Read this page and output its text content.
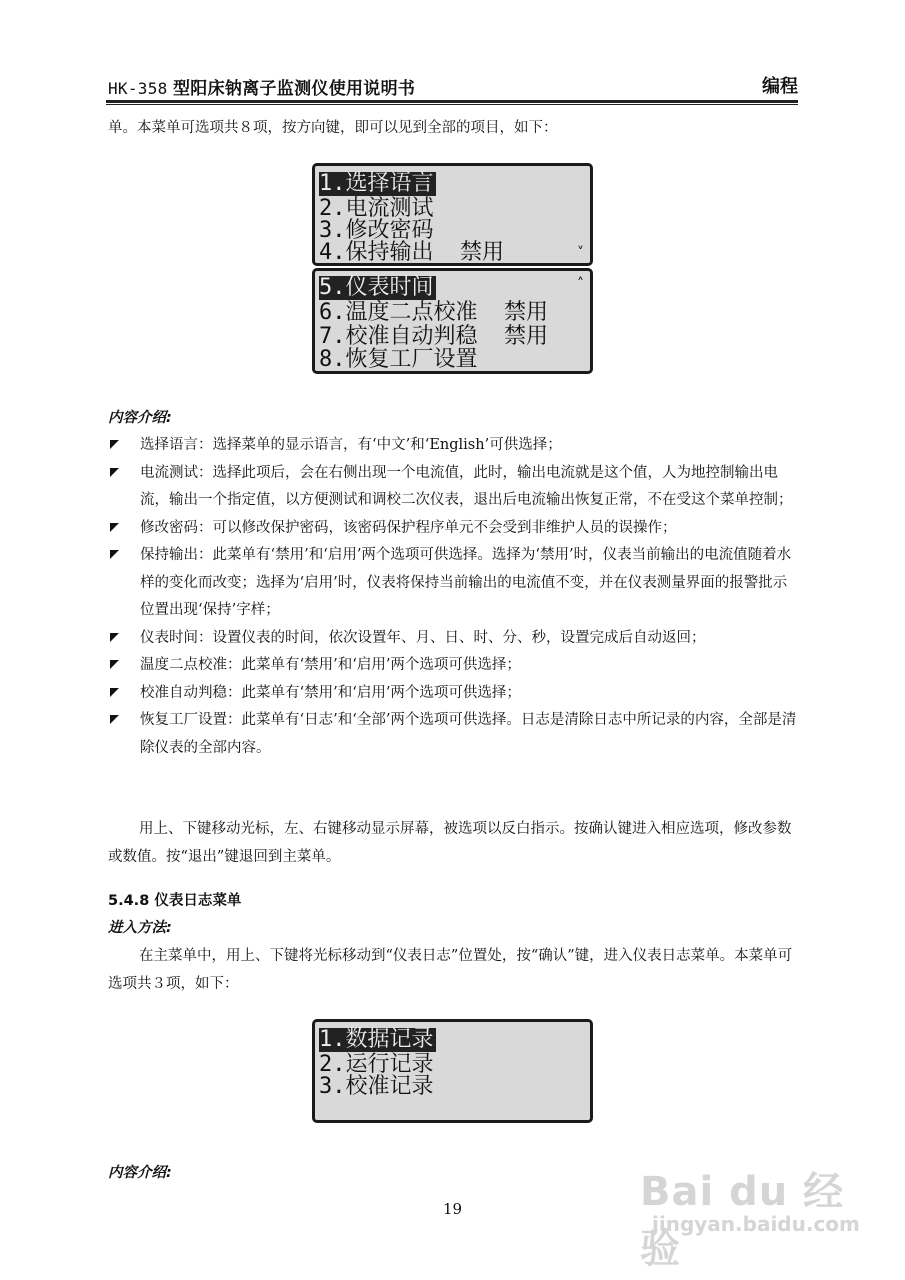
HK-358 型阳床钠离子监测仪使用说明书	编程
单。本菜单可选项共８项，按方向键，即可以见到全部的项目，如下：
1.选择语言
2.电流测试
3.修改密码
4.保持输出  禁用	˅
5.仪表时间
6.温度二点校准  禁用
7.校准自动判稳  禁用
8.恢复工厂设置
˄
内容介绍:
选择语言：选择菜单的显示语言，有‘中文’和‘English’可供选择；
电流测试：选择此项后，会在右侧出现一个电流值，此时，输出电流就是这个值，人为地控制输出电流，输出一个指定值，以方便测试和调校二次仪表，退出后电流输出恢复正常，不在受这个菜单控制；
修改密码：可以修改保护密码，该密码保护程序单元不会受到非维护人员的误操作；
保持输出：此菜单有‘禁用’和‘启用’两个选项可供选择。选择为‘禁用’时，仪表当前输出的电流值随着水样的变化而改变；选择为‘启用’时，仪表将保持当前输出的电流值不变，并在仪表测量界面的报警批示位置出现‘保持’字样；
仪表时间：设置仪表的时间，依次设置年、月、日、时、分、秒，设置完成后自动返回；
温度二点校准：此菜单有‘禁用’和‘启用’两个选项可供选择；
校准自动判稳：此菜单有‘禁用’和‘启用’两个选项可供选择；
恢复工厂设置：此菜单有‘日志’和‘全部’两个选项可供选择。日志是清除日志中所记录的内容，全部是清除仪表的全部内容。
用上、下键移动光标，左、右键移动显示屏幕，被选项以反白指示。按确认键进入相应选项，修改参数或数值。按“退出”键退回到主菜单。
5.4.8 仪表日志菜单
进入方法:
在主菜单中，用上、下键将光标移动到“仪表日志”位置处，按“确认”键，进入仪表日志菜单。本菜单可选项共３项，如下：
1.数据记录
2.运行记录
3.校准记录
内容介绍:
19	Bai du 经验
jingyan.baidu.com
